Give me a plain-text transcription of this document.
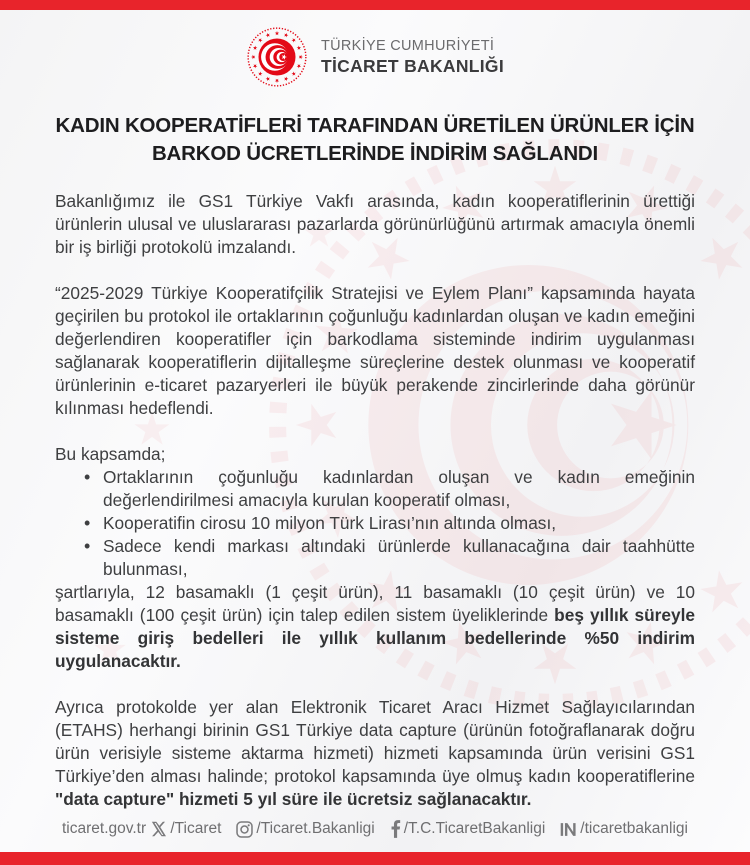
TÜRKİYE CUMHURİYETİ
TİCARET BAKANLIĞI
KADIN KOOPERATİFLERİ TARAFINDAN ÜRETİLEN ÜRÜNLER İÇİN
BARKOD ÜCRETLERİNDE İNDİRİM SAĞLANDI

Bakanlığımız ile GS1 Türkiye Vakfı arasında, kadın kooperatiflerinin ürettiği ürünlerin ulusal ve uluslararası pazarlarda görünürlüğünü artırmak amacıyla önemli bir iş birliği protokolü imzalandı.

“2025-2029 Türkiye Kooperatifçilik Stratejisi ve Eylem Planı” kapsamında hayata geçirilen bu protokol ile ortaklarının çoğunluğu kadınlardan oluşan ve kadın emeğini değerlendiren kooperatifler için barkodlama sisteminde indirim uygulanması sağlanarak kooperatiflerin dijitalleşme süreçlerine destek olunması ve kooperatif ürünlerinin e-ticaret pazaryerleri ile büyük perakende zincirlerinde daha görünür kılınması hedeflendi.

Bu kapsamda;

• Ortaklarının çoğunluğu kadınlardan oluşan ve kadın emeğinin değerlendirilmesi amacıyla kurulan kooperatif olması,
• Kooperatifin cirosu 10 milyon Türk Lirası’nın altında olması,
• Sadece kendi markası altındaki ürünlerde kullanacağına dair taahhütte bulunması,

şartlarıyla, 12 basamaklı (1 çeşit ürün), 11 basamaklı (10 çeşit ürün) ve 10 basamaklı (100 çeşit ürün) için talep edilen sistem üyeliklerinde beş yıllık süreyle sisteme giriş bedelleri ile yıllık kullanım bedellerinde %50 indirim uygulanacaktır.

Ayrıca protokolde yer alan Elektronik Ticaret Aracı Hizmet Sağlayıcılarından (ETAHS) herhangi birinin GS1 Türkiye data capture (ürünün fotoğraflanarak doğru ürün verisiyle sisteme aktarma hizmeti) hizmeti kapsamında ürün verisini GS1 Türkiye’den alması halinde; protokol kapsamında üye olmuş kadın kooperatiflerine "data capture" hizmeti 5 yıl süre ile ücretsiz sağlanacaktır.

ticaret.gov.tr /Ticaret /Ticaret.Bakanligi /T.C.TicaretBakanligi /ticaretbakanligi
